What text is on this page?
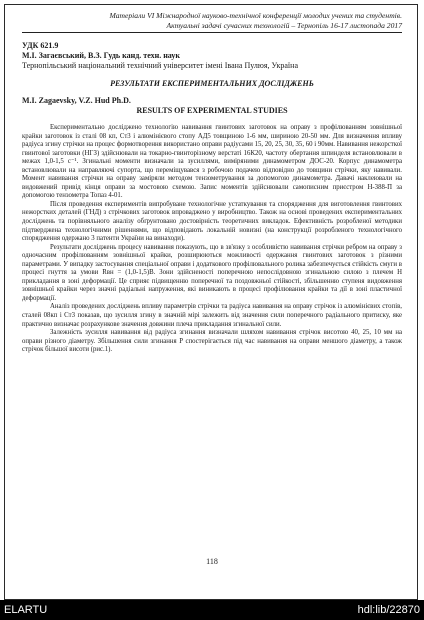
Матеріали VI Міжнародної науково-технічної конференції молодих учених та студентів.
Актуальні задачі сучасних технологій – Тернопіль 16-17 листопада 2017
УДК 621.9
М.І. Загаєвський, В.З. Гудь канд. техн. наук
Тернопільський національний технічний університет імені Івана Пулюя, Україна
РЕЗУЛЬТАТИ ЕКСПЕРИМЕНТАЛЬНИХ ДОСЛІДЖЕНЬ
M.I. Zagaevsky, V.Z. Hud Ph.D.
RESULTS OF EXPERIMENTAL STUDIES

Експериментально досліджено технологію навивання гвинтових заготовок на оправу з профілюванням зовнішньої крайки заготовок із сталі 08 кп, Ст3 і алюмінієвого стопу АД5 товщиною 1-6 мм, шириною 20-50 мм. Для визначення впливу радіуса згину стрічки на процес формотворення використано оправи радіусами 15, 20, 25, 30, 35, 60 і 90мм. Навивання нежорсткої гвинтової заготовки (НГЗ) здійснювали на токарно-гвинторізному верстаті 16К20, частоту обертання шпинделя встановлювали в межах 1,0-1,5 с⁻¹. Згинальні моменти визначали за зусиллями, виміряними динамометром ДОС-20. Корпус динамометра встановлювали на направляючі супорта, що переміщувався з робочою подачею відповідно до товщини стрічки, яку навивали. Момент навивання стрічки на оправу заміряли методом тензометрування за допомогою динамометра. Давачі наклеювали на видовжений привід кінця оправи за мостовою схемою. Запис моментів здійснювали самописним приєстром Н-388-П за допомогою тензометра Топаз 4-01.

Після проведення експериментів випробуване технологічне устаткування та спорядження для виготовлення гвинтових нежорстких деталей (ГНД) з стрічкових заготовок впроваджено у виробництво. Також на основі проведених експериментальних досліджень та порівняльного аналізу обґрунтовано достовірність теоретичних викладок. Ефективність розробленої методики підтверджена технологічними рішеннями, що відповідають локальній новизні (на конструкції розробленого технологічного спорядження одержано 3 патенти України на винаходи).

Результати досліджень процесу навивання показують, що в зв'язку з особливістю навивання стрічки ребром на оправу з одночасним профілюванням зовнішньої крайки, розширюються можливості одержання гвинтових заготовок з різними параметрами. У випадку застосування спеціальної оправи і додаткового профілювального ролика забезпечується стійкість смуги в процесі гнуття за умови Rвн = (1,0-1,5)B. Зони здійсненості поперечною непослідовною згинальною силою з плечем Н прикладання в зоні деформації. Це сприяє підвищенню поперечної та поздовжньої стійкості, збільшенню ступеня видовження зовнішньої крайки через значні радіальні напруження, які виникають в процесі профілювання крайки та дії в зоні пластичної деформації.

Аналіз проведених досліджень впливу параметрів стрічки та радіуса навивання на оправу стрічок із алюмінієвих стопів, сталей 08кп і Ст3 показав, що зусилля згину в значній мірі залежить від значення сили поперечного радіального притиску, яке практично визначає розрахункове значення довжини плеча прикладання згинальної сили.

Залежність зусилля навивання від радіуса згинання визначали шляхом навивання стрічок висотою 40, 25, 10 мм на оправи різного діаметру. Збільшення сили згинання P спостерігається під час навивання на оправи меншого діаметру, а також стрічок більшої висоти (рис.1).

118
ELARTU	hdl:lib/22870
